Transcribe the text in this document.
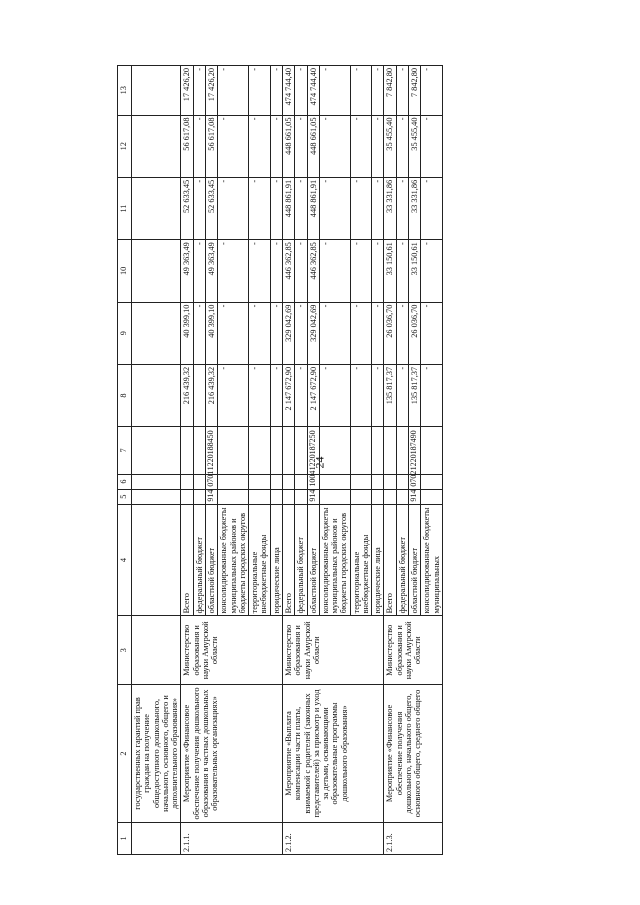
24
1	2	3	4	5	6	7	8	9	10	11	12	13
	государственных гарантий прав граждан на получение общедоступного дошкольного, начального, основного, общего и дополнительного образования»											
2.1.1.	Мероприятие «Финансовое обеспечение получения дошкольного образования в частных дошкольных образовательных организациях»	Министерство образования и науки Амурской области	Всего				216 439,32	40 399,10	49 363,49	52 633,45	56 617,08	17 426,20
			федеральный бюджет					-	-	-	-	-
			областной бюджет	914	0701	1220188450	216 439,32	40 399,10	49 363,49	52 633,45	56 617,08	17 426,20
			консолидированные бюджеты муниципальных районов и бюджеты городских округов				-	-	-	-	-	-
			территориальные внебюджетные фонды				-	-	-	-	-	-
			юридические лица				-	-	-	-	-	-
2.1.2.	Мероприятие «Выплата компенсации части платы, взимаемой с родителей (законных представителей) за присмотр и уход за детьми, осваивающими образовательные программы дошкольного образования»	Министерство образования и науки Амурской области	Всего				2 147 672,90	329 042,69	446 362,85	448 861,91	448 661,05	474 744,40
			федеральный бюджет				-	-	-	-	-	-
			областной бюджет	914	1004	1220187250	2 147 672,90	329 042,69	446 362,85	448 861,91	448 661,05	474 744,40
			консолидированные бюджеты муниципальных районов и бюджеты городских округов				-	-	-	-	-	-
			территориальные внебюджетные фонды				-	-	-	-	-	-
			юридические лица				-	-	-	-	-	-
2.1.3.	Мероприятие «Финансовое обеспечение получения дошкольного, начального общего, основного общего, среднего общего	Министерство образования и науки Амурской области	Всего				135 817,37	26 036,70	33 150,61	33 331,86	35 455,40	7 842,80
			федеральный бюджет				-	-	-	-	-	-
			областной бюджет	914	0702	1220187490	135 817,37	26 036,70	33 150,61	33 331,86	35 455,40	7 842,80
			консолидированные бюджеты муниципальных				-	-	-	-	-	-
